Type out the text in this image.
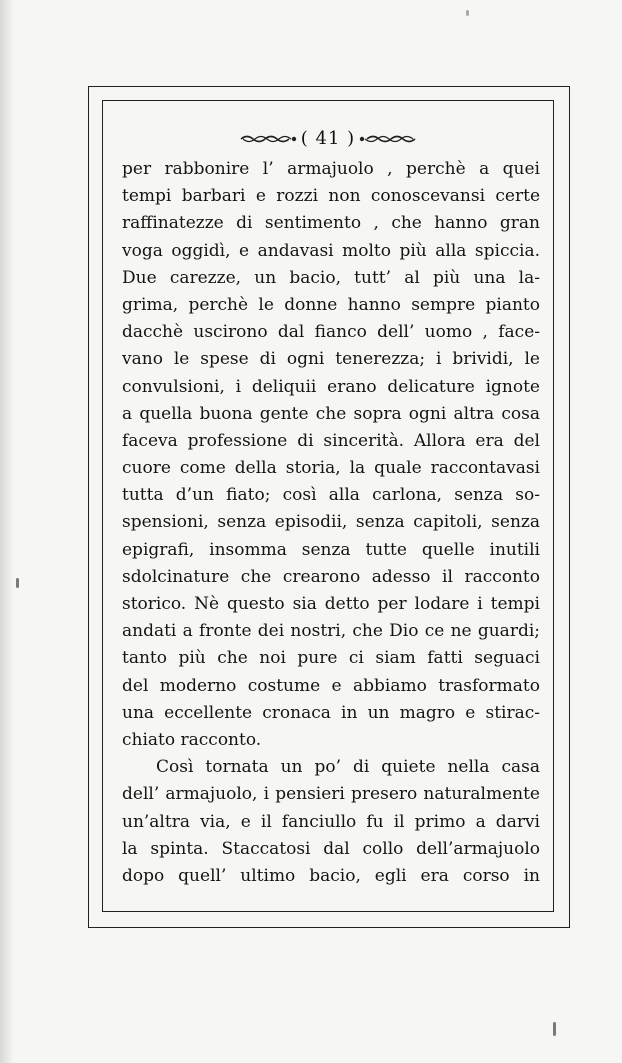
( 41 )
per rabbonire l’ armajuolo , perchè a quei
tempi barbari e rozzi non conoscevansi certe
raffinatezze di sentimento , che hanno gran
voga oggidì, e andavasi molto più alla spiccia.
Due carezze, un bacio, tutt’ al più una la-
grima, perchè le donne hanno sempre pianto
dacchè uscirono dal fianco dell’ uomo , face-
vano le spese di ogni tenerezza; i brividi, le
convulsioni, i deliquii erano delicature ignote
a quella buona gente che sopra ogni altra cosa
faceva professione di sincerità. Allora era del
cuore come della storia, la quale raccontavasi
tutta d’un fiato; così alla carlona, senza so-
spensioni, senza episodii, senza capitoli, senza
epigrafi, insomma senza tutte quelle inutili
sdolcinature che crearono adesso il racconto
storico. Nè questo sia detto per lodare i tempi
andati a fronte dei nostri, che Dio ce ne guardi;
tanto più che noi pure ci siam fatti seguaci
del moderno costume e abbiamo trasformato
una eccellente cronaca in un magro e stirac-
chiato racconto.
Così tornata un po’ di quiete nella casa
dell’ armajuolo, i pensieri presero naturalmente
un’altra via, e il fanciullo fu il primo a darvi
la spinta. Staccatosi dal collo dell’armajuolo
dopo quell’ ultimo bacio, egli era corso in
